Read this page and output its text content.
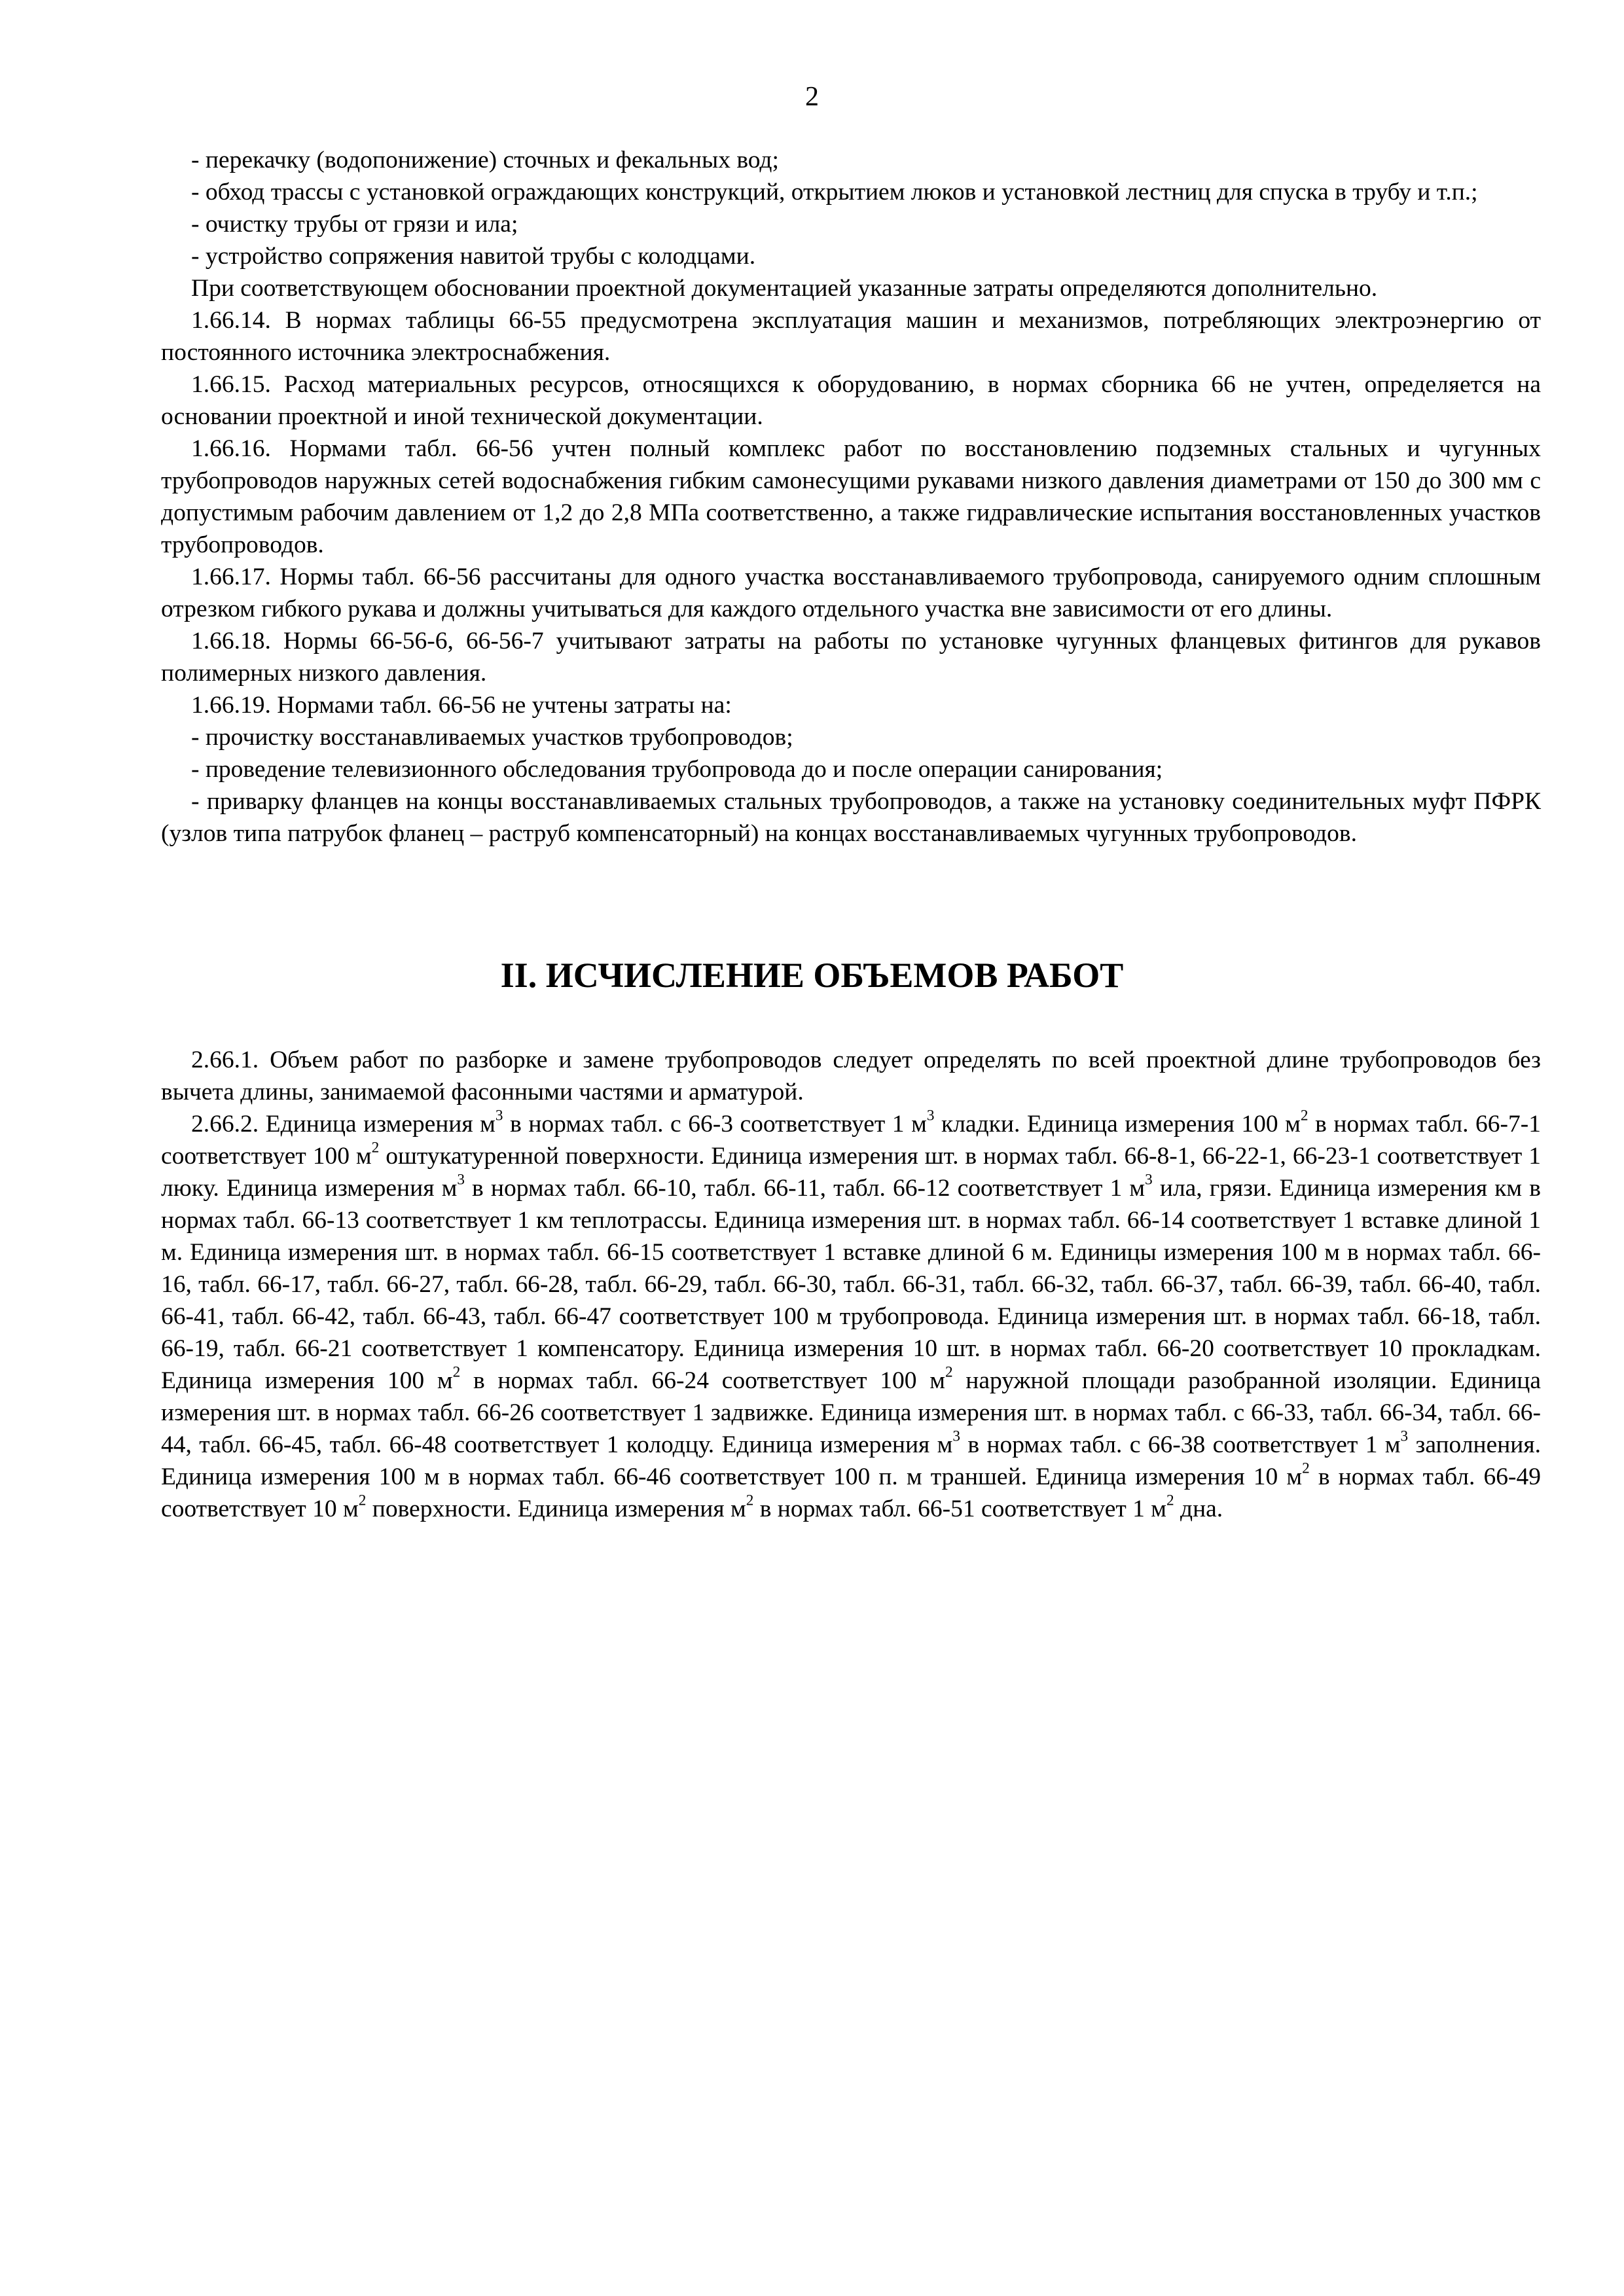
2

- перекачку (водопонижение) сточных и фекальных вод;

- обход трассы с установкой ограждающих конструкций, открытием люков и установкой лестниц для спуска в трубу и т.п.;

- очистку трубы от грязи и ила;

- устройство сопряжения навитой трубы с колодцами.

При соответствующем обосновании проектной документацией указанные затраты определяются дополнительно.

1.66.14. В нормах таблицы 66-55 предусмотрена эксплуатация машин и механизмов, потребляющих электроэнергию от постоянного источника электроснабжения.

1.66.15. Расход материальных ресурсов, относящихся к оборудованию, в нормах сборника 66 не учтен, определяется на основании проектной и иной технической документации.

1.66.16. Нормами табл. 66-56 учтен полный комплекс работ по восстановлению подземных стальных и чугунных трубопроводов наружных сетей водоснабжения гибким самонесущими рукавами низкого давления диаметрами от 150 до 300 мм с допустимым рабочим давлением от 1,2 до 2,8 МПа соответственно, а также гидравлические испытания восстановленных участков трубопроводов.

1.66.17. Нормы табл. 66-56 рассчитаны для одного участка восстанавливаемого трубопровода, санируемого одним сплошным отрезком гибкого рукава и должны учитываться для каждого отдельного участка вне зависимости от его длины.

1.66.18. Нормы 66-56-6, 66-56-7 учитывают затраты на работы по установке чугунных фланцевых фитингов для рукавов полимерных низкого давления.

1.66.19. Нормами табл. 66-56 не учтены затраты на:

- прочистку восстанавливаемых участков трубопроводов;

- проведение телевизионного обследования трубопровода до и после операции санирования;

- приварку фланцев на концы восстанавливаемых стальных трубопроводов, а также на установку соединительных муфт ПФРК (узлов типа патрубок фланец – раструб компенсаторный) на концах восстанавливаемых чугунных трубопроводов.

II. ИСЧИСЛЕНИЕ ОБЪЕМОВ РАБОТ

2.66.1. Объем работ по разборке и замене трубопроводов следует определять по всей проектной длине трубопроводов без вычета длины, занимаемой фасонными частями и арматурой.

2.66.2. Единица измерения $м^3$ в нормах табл. с 66-3 соответствует 1 $м^3$ кладки. Единица измерения 100 $м^2$ в нормах табл. 66-7-1 соответствует 100 $м^2$ оштукатуренной поверхности. Единица измерения шт. в нормах табл. 66-8-1, 66-22-1, 66-23-1 соответствует 1 люку. Единица измерения $м^3$ в нормах табл. 66-10, табл. 66-11, табл. 66-12 соответствует 1 $м^3$ ила, грязи. Единица измерения км в нормах табл. 66-13 соответствует 1 км теплотрассы. Единица измерения шт. в нормах табл. 66-14 соответствует 1 вставке длиной 1 м. Единица измерения шт. в нормах табл. 66-15 соответствует 1 вставке длиной 6 м. Единицы измерения 100 м в нормах табл. 66-16, табл. 66-17, табл. 66-27, табл. 66-28, табл. 66-29, табл. 66-30, табл. 66-31, табл. 66-32, табл. 66-37, табл. 66-39, табл. 66-40, табл. 66-41, табл. 66-42, табл. 66-43, табл. 66-47 соответствует 100 м трубопровода. Единица измерения шт. в нормах табл. 66-18, табл. 66-19, табл. 66-21 соответствует 1 компенсатору. Единица измерения 10 шт. в нормах табл. 66-20 соответствует 10 прокладкам. Единица измерения 100 $м^2$ в нормах табл. 66-24 соответствует 100 $м^2$ наружной площади разобранной изоляции. Единица измерения шт. в нормах табл. 66-26 соответствует 1 задвижке. Единица измерения шт. в нормах табл. с 66-33, табл. 66-34, табл. 66-44, табл. 66-45, табл. 66-48 соответствует 1 колодцу. Единица измерения $м^3$ в нормах табл. с 66-38 соответствует 1 $м^3$ заполнения. Единица измерения 100 м в нормах табл. 66-46 соответствует 100 п. м траншей. Единица измерения 10 $м^2$ в нормах табл. 66-49 соответствует 10 $м^2$ поверхности. Единица измерения $м^2$ в нормах табл. 66-51 соответствует 1 $м^2$ дна.
